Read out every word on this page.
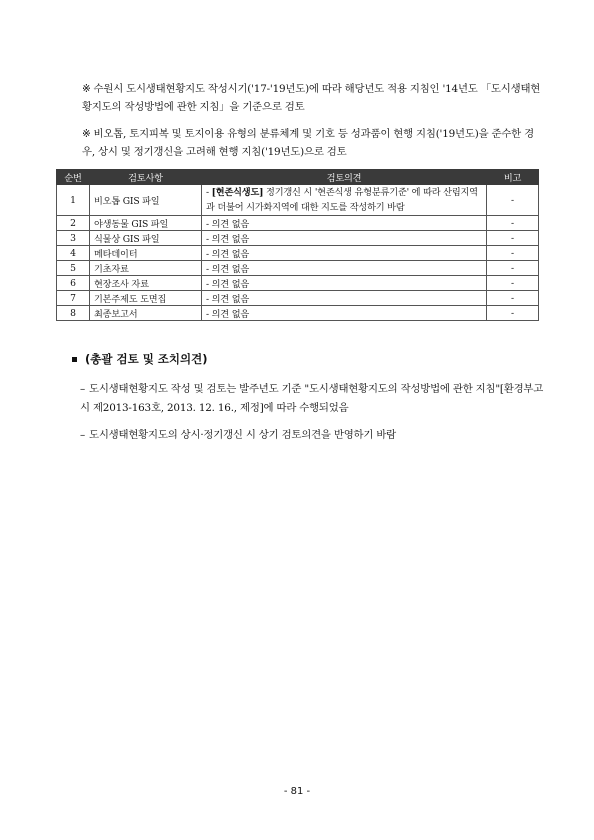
※ 수원시 도시생태현황지도 작성시기('17-'19년도)에 따라 해당년도 적용 지침인 '14년도 「도시생태현황지도의 작성방법에 관한 지침」을 기준으로 검토
※ 비오톱, 토지피복 및 토지이용 유형의 분류체계 및 기호 등 성과품이 현행 지침('19년도)을 준수한 경우, 상시 및 정기갱신을 고려해 현행 지침('19년도)으로 검토
순번	검토사항	검토의견	비고
1	비오톱 GIS 파일	- [현존식생도] 정기갱신 시 '현존식생 유형분류기준' 에 따라 산림지역과 더불어 시가화지역에 대한 지도를 작성하기 바람	-
2	야생동물 GIS 파일	- 의견 없음	-
3	식물상 GIS 파일	- 의견 없음	-
4	메타데이터	- 의견 없음	-
5	기초자료	- 의견 없음	-
6	현장조사 자료	- 의견 없음	-
7	기본주제도 도면집	- 의견 없음	-
8	최종보고서	- 의견 없음	-
(총괄 검토 및 조치의견)
– 도시생태현황지도 작성 및 검토는 발주년도 기준 "도시생태현황지도의 작성방법에 관한 지침"[환경부고시 제2013-163호, 2013. 12. 16., 제정]에 따라 수행되었음
– 도시생태현황지도의 상시·정기갱신 시 상기 검토의견을 반영하기 바람
- 81 -
